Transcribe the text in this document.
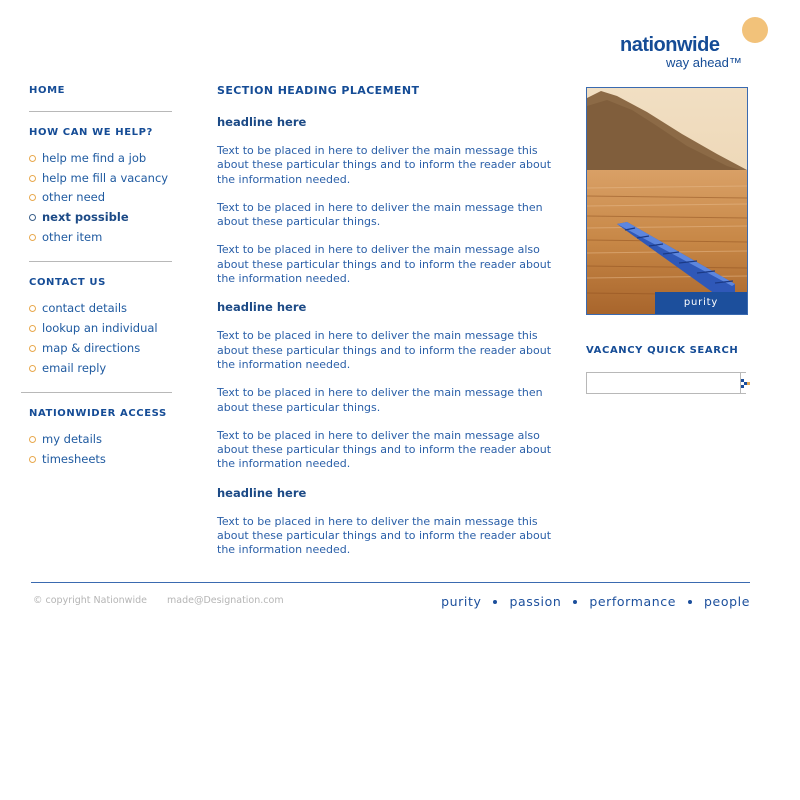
nationwide
way ahead™
HOME
HOW CAN WE HELP?
help me find a job
help me fill a vacancy
other need
next possible
other item
CONTACT US
contact details
lookup an individual
map & directions
email reply
NATIONWIDER ACCESS
my details
timesheets
SECTION HEADING PLACEMENT
headline here

Text to be placed in here to deliver the main message this about these particular things and to inform the reader about the information needed.

Text to be placed in here to deliver the main message then about these particular things.

Text to be placed in here to deliver the main message also about these particular things and to inform the reader about the information needed.

headline here

Text to be placed in here to deliver the main message this about these particular things and to inform the reader about the information needed.

Text to be placed in here to deliver the main message then about these particular things.

Text to be placed in here to deliver the main message also about these particular things and to inform the reader about the information needed.

headline here

Text to be placed in here to deliver the main message this about these particular things and to inform the reader about the information needed.

purity
VACANCY QUICK SEARCH
© copyright Nationwide made@Designation.com	purity passion performance people
